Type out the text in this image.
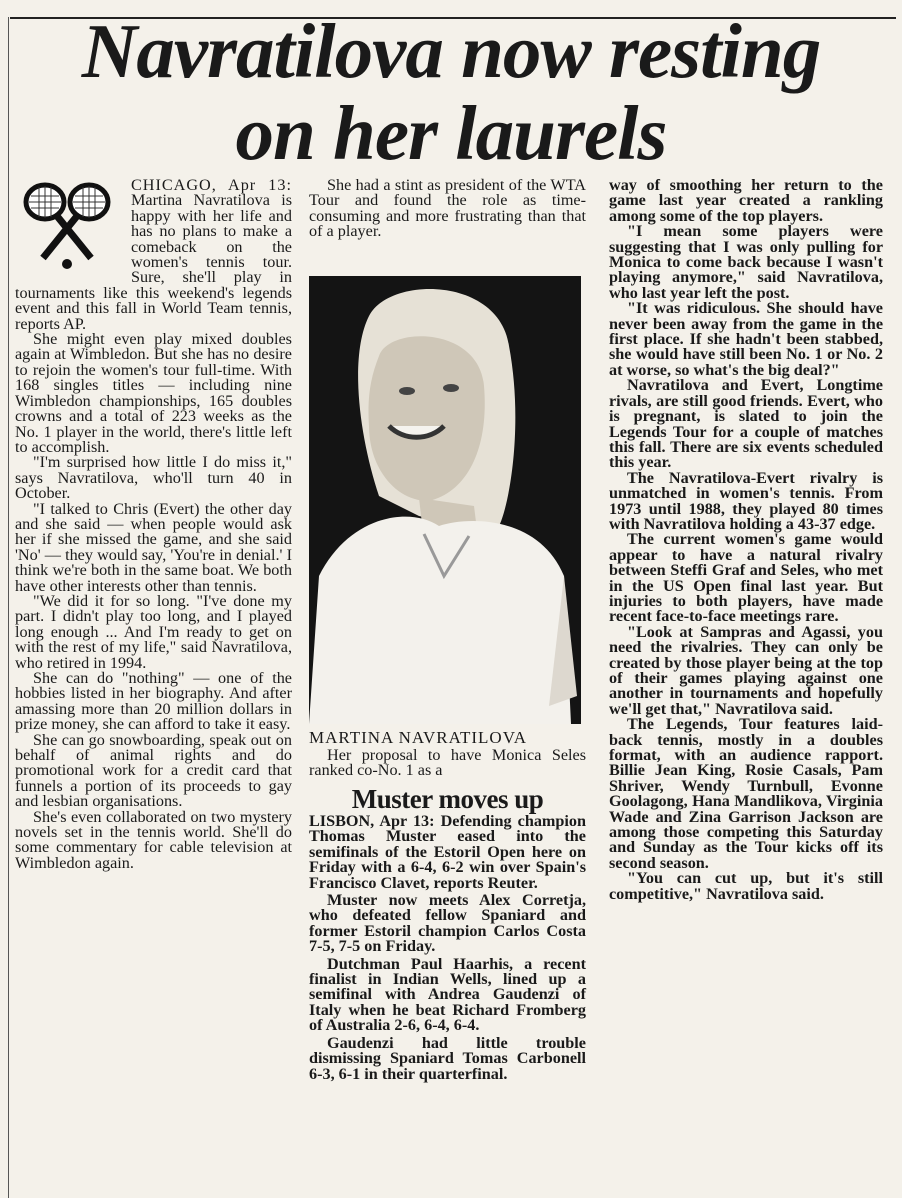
Navratilova now resting
on her laurels

CHICAGO, Apr 13: Martina Navratilova is happy with her life and has no plans to make a comeback on the women's tennis tour. Sure, she'll play in tournaments like this weekend's legends event and this fall in World Team tennis, reports AP.

She might even play mixed doubles again at Wimbledon. But she has no desire to rejoin the women's tour full-time. With 168 singles titles — including nine Wimbledon championships, 165 doubles crowns and a total of 223 weeks as the No. 1 player in the world, there's little left to accomplish.

"I'm surprised how little I do miss it," says Navratilova, who'll turn 40 in October.

"I talked to Chris (Evert) the other day and she said — when people would ask her if she missed the game, and she said 'No' — they would say, 'You're in denial.' I think we're both in the same boat. We both have other interests other than tennis.

"We did it for so long. "I've done my part. I didn't play too long, and I played long enough ... And I'm ready to get on with the rest of my life," said Navratilova, who retired in 1994.

She can do "nothing" — one of the hobbies listed in her biography. And after amassing more than 20 million dollars in prize money, she can afford to take it easy.

She can go snowboarding, speak out on behalf of animal rights and do promotional work for a credit card that funnels a portion of its proceeds to gay and lesbian organisations.

She's even collaborated on two mystery novels set in the tennis world. She'll do some commentary for cable television at Wimbledon again.

She had a stint as president of the WTA Tour and found the role as time-consuming and more frustrating than that of a player.

MARTINA NAVRATILOVA

Her proposal to have Monica Seles ranked co-No. 1 as a

Muster moves up

LISBON, Apr 13: Defending champion Thomas Muster eased into the semifinals of the Estoril Open here on Friday with a 6-4, 6-2 win over Spain's Francisco Clavet, reports Reuter.

Muster now meets Alex Corretja, who defeated fellow Spaniard and former Estoril champion Carlos Costa 7-5, 7-5 on Friday.

Dutchman Paul Haarhis, a recent finalist in Indian Wells, lined up a semifinal with Andrea Gaudenzi of Italy when he beat Richard Fromberg of Australia 2-6, 6-4, 6-4.

Gaudenzi had little trouble dismissing Spaniard Tomas Carbonell 6-3, 6-1 in their quarterfinal.

way of smoothing her return to the game last year created a rankling among some of the top players.

"I mean some players were suggesting that I was only pulling for Monica to come back because I wasn't playing anymore," said Navratilova, who last year left the post.

"It was ridiculous. She should have never been away from the game in the first place. If she hadn't been stabbed, she would have still been No. 1 or No. 2 at worse, so what's the big deal?"

Navratilova and Evert, Longtime rivals, are still good friends. Evert, who is pregnant, is slated to join the Legends Tour for a couple of matches this fall. There are six events scheduled this year.

The Navratilova-Evert rivalry is unmatched in women's tennis. From 1973 until 1988, they played 80 times with Navratilova holding a 43-37 edge.

The current women's game would appear to have a natural rivalry between Steffi Graf and Seles, who met in the US Open final last year. But injuries to both players, have made recent face-to-face meetings rare.

"Look at Sampras and Agassi, you need the rivalries. They can only be created by those player being at the top of their games playing against one another in tournaments and hopefully we'll get that," Navratilova said.

The Legends, Tour features laid-back tennis, mostly in a doubles format, with an audience rapport. Billie Jean King, Rosie Casals, Pam Shriver, Wendy Turnbull, Evonne Goolagong, Hana Mandlikova, Virginia Wade and Zina Garrison Jackson are among those competing this Saturday and Sunday as the Tour kicks off its second season.

"You can cut up, but it's still competitive," Navratilova said.
